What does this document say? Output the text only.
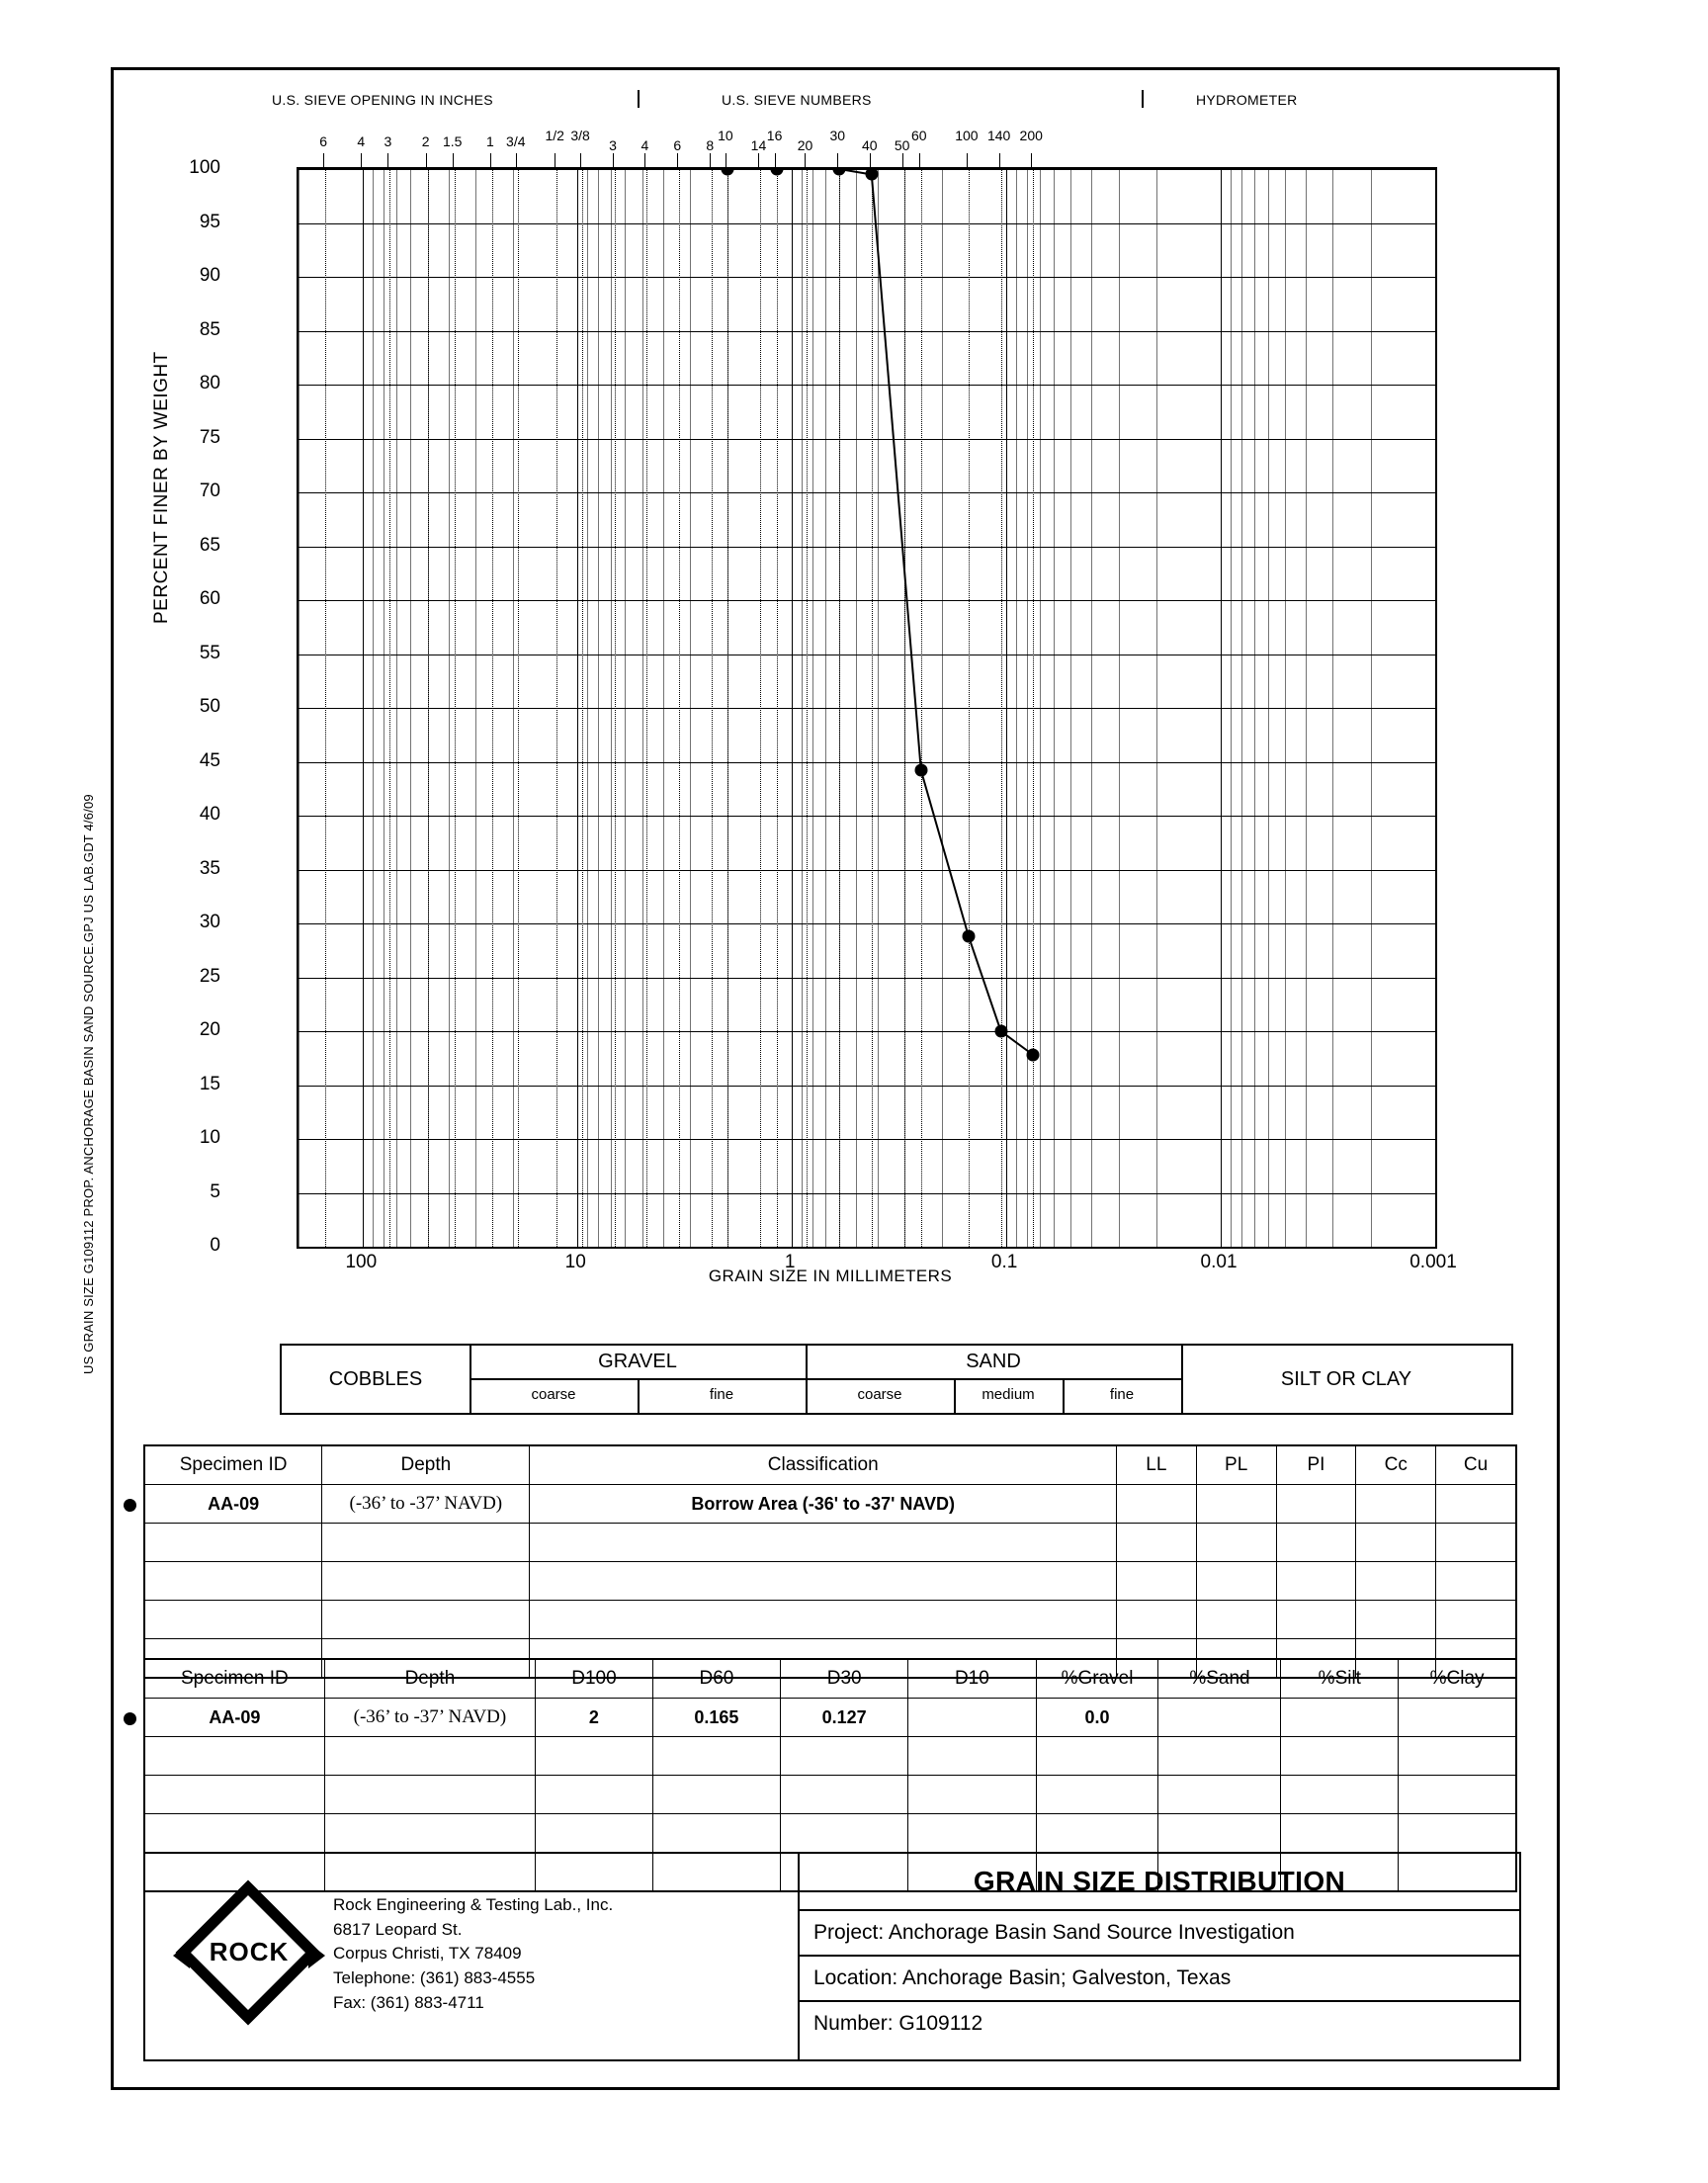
US GRAIN SIZE G109112 PROP. ANCHORAGE BASIN SAND SOURCE.GPJ US LAB.GDT 4/6/09
U.S. SIEVE OPENING IN INCHES	U.S. SIEVE NUMBERS	HYDROMETER
PERCENT FINER BY WEIGHT
GRAIN SIZE IN MILLIMETERS
6	4	3	2 1.5	1 3/4	1/2 3/8
3	4	6	8
10
14
16
20
30
40	50
60	100 140 200
0
5
10
15
20
25
30
35
40
45
50
55
60
65
70
75
80
85
90
95
100
100	10	1	0.1	0.01	0.001
COBBLES
GRAVEL	SAND
SILT OR CLAY
coarse	fine	coarse	medium	fine
Specimen ID	Depth	Classification	LL	PL	PI	Cc	Cu
AA-09	(-36’ to -37’ NAVD)	Borrow Area (-36' to -37' NAVD)					

Specimen ID	Depth	D100	D60	D30	D10	%Gravel	%Sand	%Silt	%Clay
AA-09	(-36’ to -37’ NAVD)	2	0.165	0.127		0.0			

ROCK
Rock Engineering & Testing Lab., Inc.
6817 Leopard St.
Corpus Christi, TX 78409
Telephone: (361) 883-4555
Fax: (361) 883-4711
GRAIN SIZE DISTRIBUTION
Project: Anchorage Basin Sand Source Investigation
Location: Anchorage Basin; Galveston, Texas
Number: G109112
